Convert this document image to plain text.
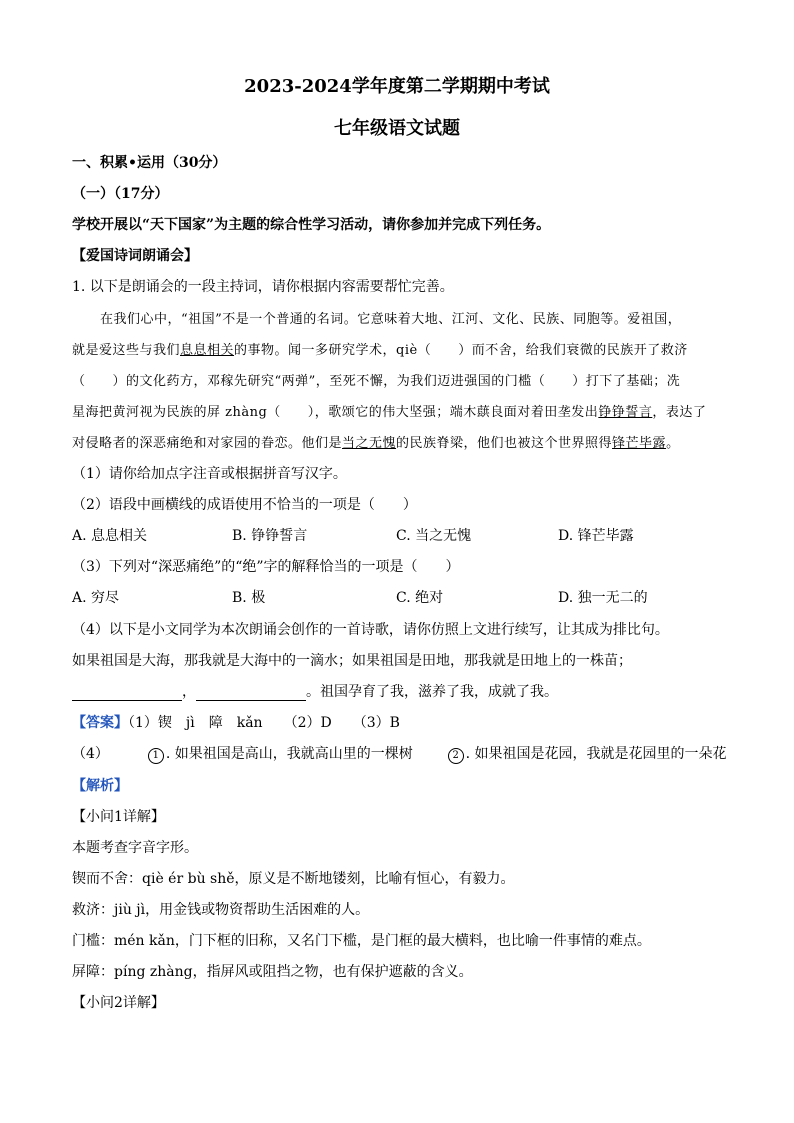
2023-2024学年度第二学期期中考试
七年级语文试题
一、积累•运用（30分）
（一）（17分）
学校开展以“天下国家”为主题的综合性学习活动，请你参加并完成下列任务。
【爱国诗词朗诵会】
1. 以下是朗诵会的一段主持词，请你根据内容需要帮忙完善。
在我们心中，“祖国”不是一个普通的名词。它意味着大地、江河、文化、民族、同胞等。爱祖国，
就是爱这些与我们息息相关的事物。闻一多研究学术，qiè（　　）而不舍，给我们衰微的民族开了救济
（　　）的文化药方，邓稼先研究“两弹”，至死不懈，为我们迈进强国的门槛（　　）打下了基础；冼
星海把黄河视为民族的屏 zhàng（　　），歌颂它的伟大坚强；端木蕻良面对着田垄发出铮铮誓言，表达了
对侵略者的深恶痛绝和对家园的眷恋。他们是当之无愧的民族脊梁，他们也被这个世界照得锋芒毕露。
（1）请你给加点字注音或根据拼音写汉字。
（2）语段中画横线的成语使用不恰当的一项是（　　）
A. 息息相关	B. 铮铮誓言	C. 当之无愧	D. 锋芒毕露
（3）下列对“深恶痛绝”的“绝”字的解释恰当的一项是（　　）
A. 穷尽	B. 极	C. 绝对	D. 独一无二的
（4）以下是小文同学为本次朗诵会创作的一首诗歌，请你仿照上文进行续写，让其成为排比句。
如果祖国是大海，那我就是大海中的一滴水；如果祖国是田地，那我就是田地上的一株苗；
，	。祖国孕育了我，滋养了我，成就了我。
【答案】（1）锲　jì　障　kǎn　　（2）D　　（3）B
（4）	1 . 如果祖国是高山，我就高山里的一棵树	2 . 如果祖国是花园，我就是花园里的一朵花
【解析】
【小问1详解】
本题考查字音字形。
锲而不舍：qiè ér bù shě，原义是不断地镂刻，比喻有恒心，有毅力。
救济：jiù jì，用金钱或物资帮助生活困难的人。
门槛：mén kǎn，门下框的旧称，又名门下槛，是门框的最大横料，也比喻一件事情的难点。
屏障：píng zhàng，指屏风或阻挡之物，也有保护遮蔽的含义。
【小问2详解】
